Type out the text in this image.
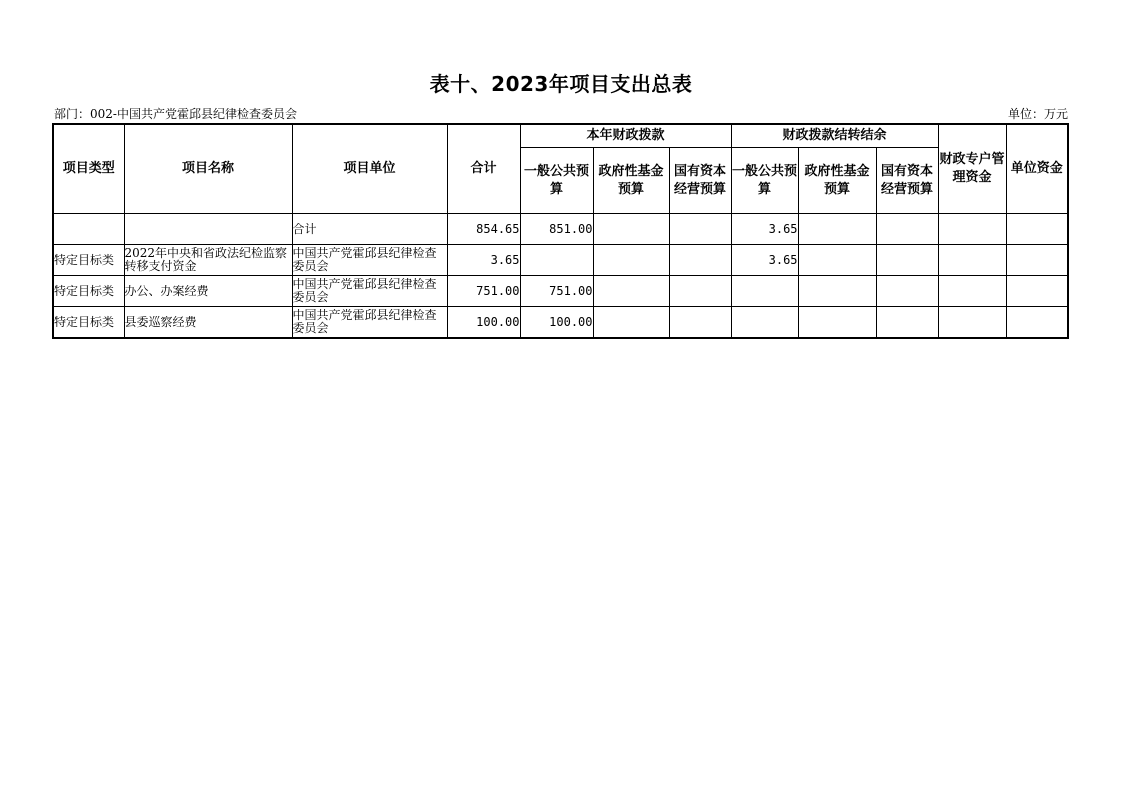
表十、2023年项目支出总表
部门：002-中国共产党霍邱县纪律检查委员会	单位：万元
项目类型	项目名称	项目单位	合计	本年财政拨款			财政拨款结转结余			财政专户管理资金	单位资金
				一般公共预算	政府性基金预算	国有资本经营预算	一般公共预算	政府性基金预算	国有资本经营预算		

		合计	854.65	851.00			3.65				
特定目标类	2022年中央和省政法纪检监察转移支付资金	中国共产党霍邱县纪律检查委员会	3.65				3.65				
特定目标类	办公、办案经费	中国共产党霍邱县纪律检查委员会	751.00	751.00							
特定目标类	县委巡察经费	中国共产党霍邱县纪律检查委员会	100.00	100.00							
